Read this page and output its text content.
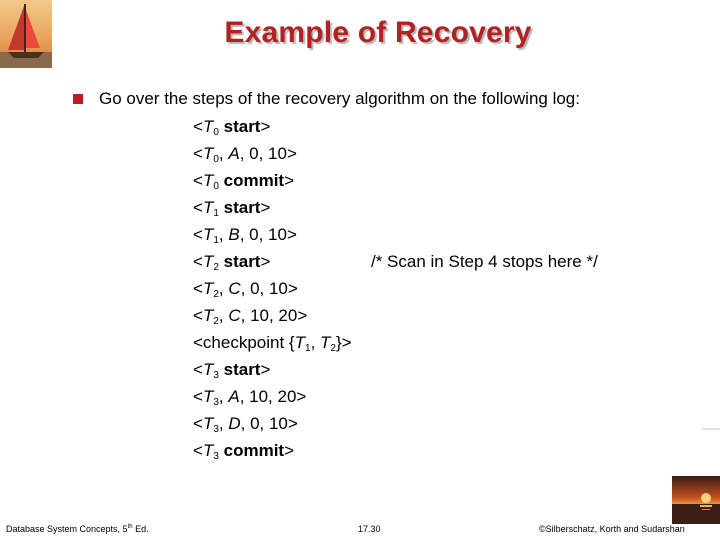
Example of Recovery
Go over the steps of the recovery algorithm on the following log:
$<T_0$ start>
$<T_0$, A, 0, 10>
$<T_0$ commit>
$<T_1$ start>
$<T_1$, B, 0, 10>
$<T_2$ start>	/* Scan in Step 4 stops here */
$<T_2$, C, 0, 10>
$<T_2$, C, 10, 20>
<checkpoint {$T_1$, $T_2\}>$
$<T_3$ start>
$<T_3$, A, 10, 20>
$<T_3$, D, 0, 10>
$<T_3$ commit>
Database System Concepts, 5th Ed.	17.30	©Silberschatz, Korth and Sudarshan
